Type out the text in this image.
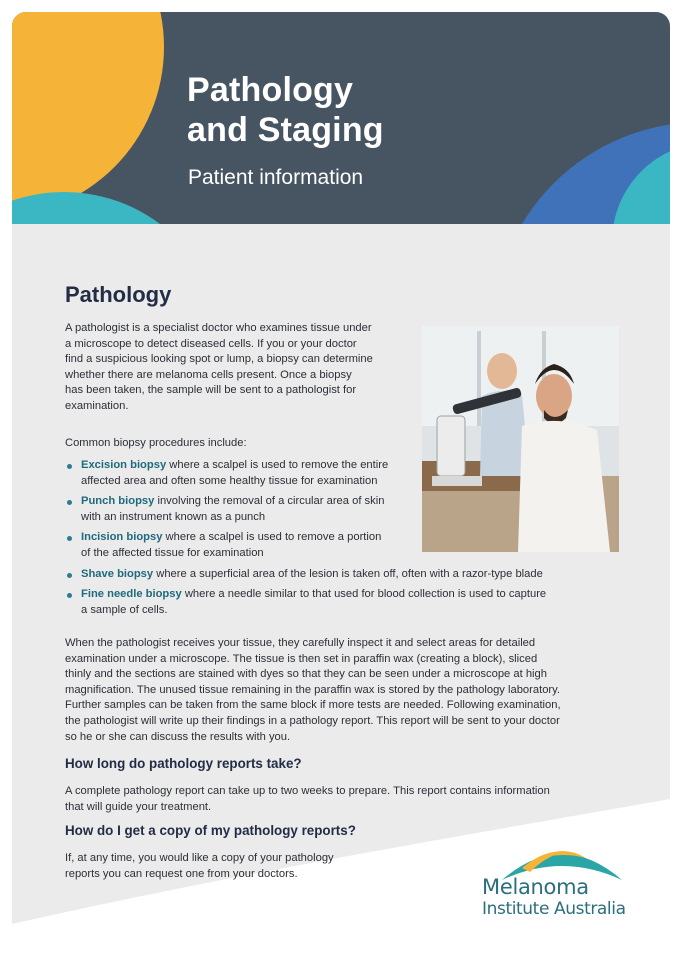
Pathology
and Staging

Patient information

Pathology

A pathologist is a specialist doctor who examines tissue under

a microscope to detect diseased cells. If you or your doctor

find a suspicious looking spot or lump, a biopsy can determine

whether there are melanoma cells present. Once a biopsy

has been taken, the sample will be sent to a pathologist for

examination.

Common biopsy procedures include:

Excision biopsy where a scalpel is used to remove the entire
affected area and often some healthy tissue for examination
Punch biopsy involving the removal of a circular area of skin
with an instrument known as a punch
Incision biopsy where a scalpel is used to remove a portion
of the affected tissue for examination
Shave biopsy where a superficial area of the lesion is taken off, often with a razor-type blade
Fine needle biopsy where a needle similar to that used for blood collection is used to capture
a sample of cells.

When the pathologist receives your tissue, they carefully inspect it and select areas for detailed

examination under a microscope. The tissue is then set in paraffin wax (creating a block), sliced

thinly and the sections are stained with dyes so that they can be seen under a microscope at high

magnification. The unused tissue remaining in the paraffin wax is stored by the pathology laboratory.

Further samples can be taken from the same block if more tests are needed. Following examination,

the pathologist will write up their findings in a pathology report. This report will be sent to your doctor

so he or she can discuss the results with you.

How long do pathology reports take?

A complete pathology report can take up to two weeks to prepare. This report contains information

that will guide your treatment.

How do I get a copy of my pathology reports?

If, at any time, you would like a copy of your pathology

reports you can request one from your doctors.

Melanoma
Institute Australia
